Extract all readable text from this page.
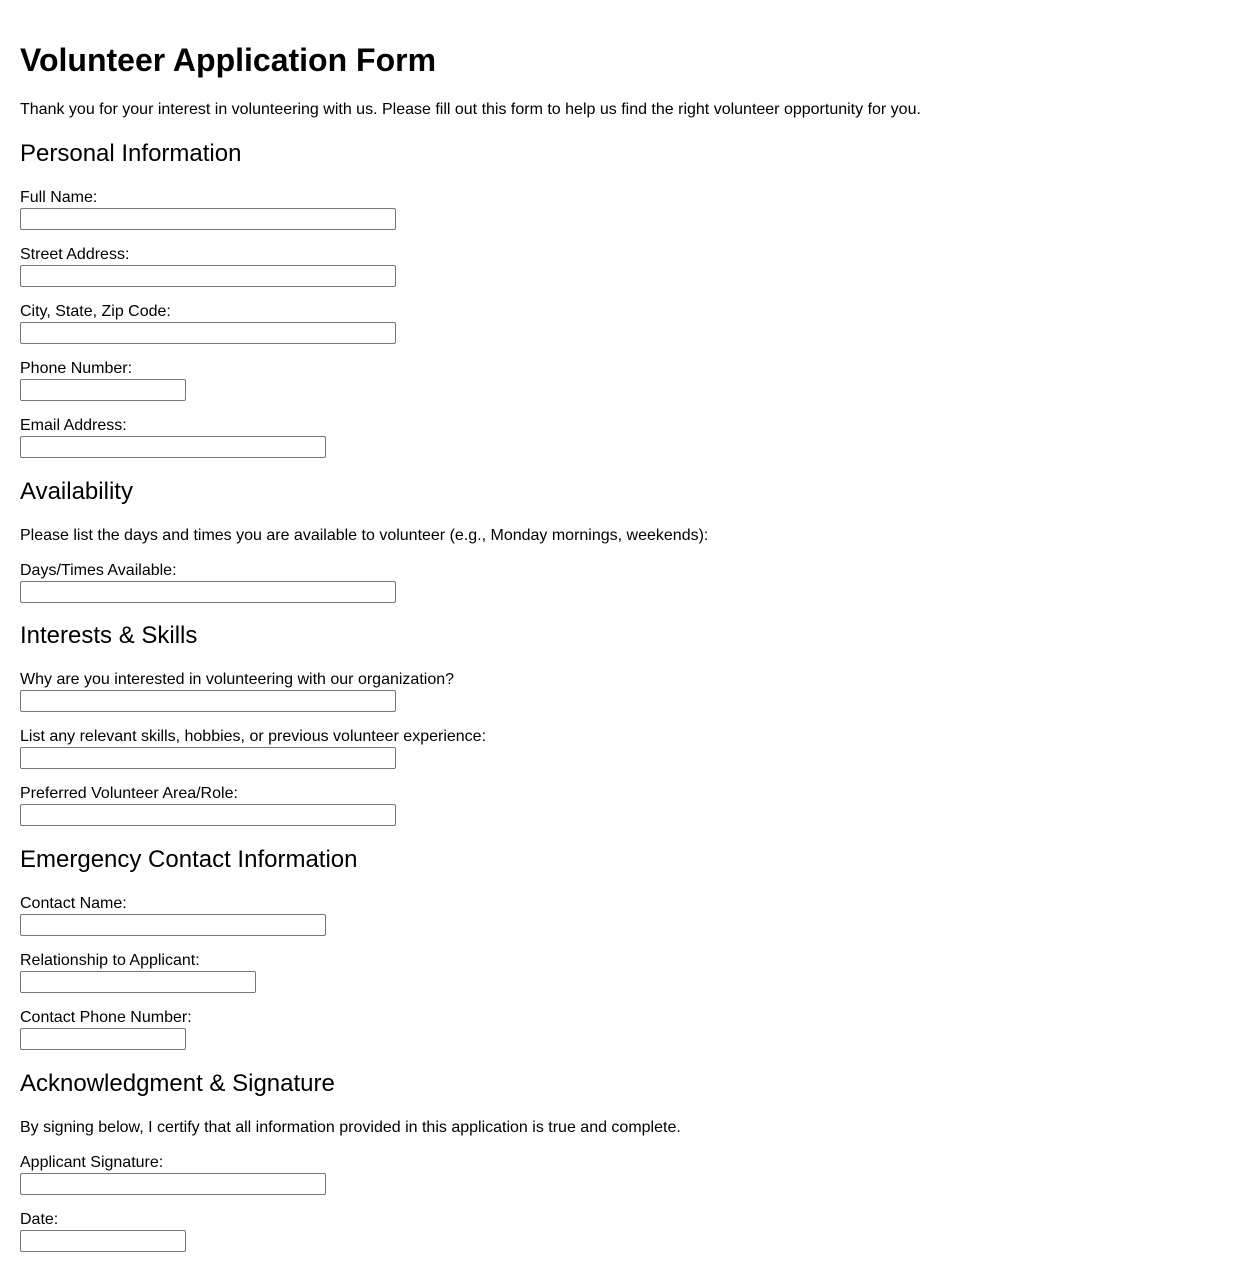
Volunteer Application Form

Thank you for your interest in volunteering with us. Please fill out this form to help us find the right volunteer opportunity for you.

Personal Information
Full Name:
Street Address:
City, State, Zip Code:
Phone Number:
Email Address:
Availability

Please list the days and times you are available to volunteer (e.g., Monday mornings, weekends):

Days/Times Available:
Interests & Skills
Why are you interested in volunteering with our organization?
List any relevant skills, hobbies, or previous volunteer experience:
Preferred Volunteer Area/Role:
Emergency Contact Information
Contact Name:
Relationship to Applicant:
Contact Phone Number:
Acknowledgment & Signature

By signing below, I certify that all information provided in this application is true and complete.

Applicant Signature:
Date:
